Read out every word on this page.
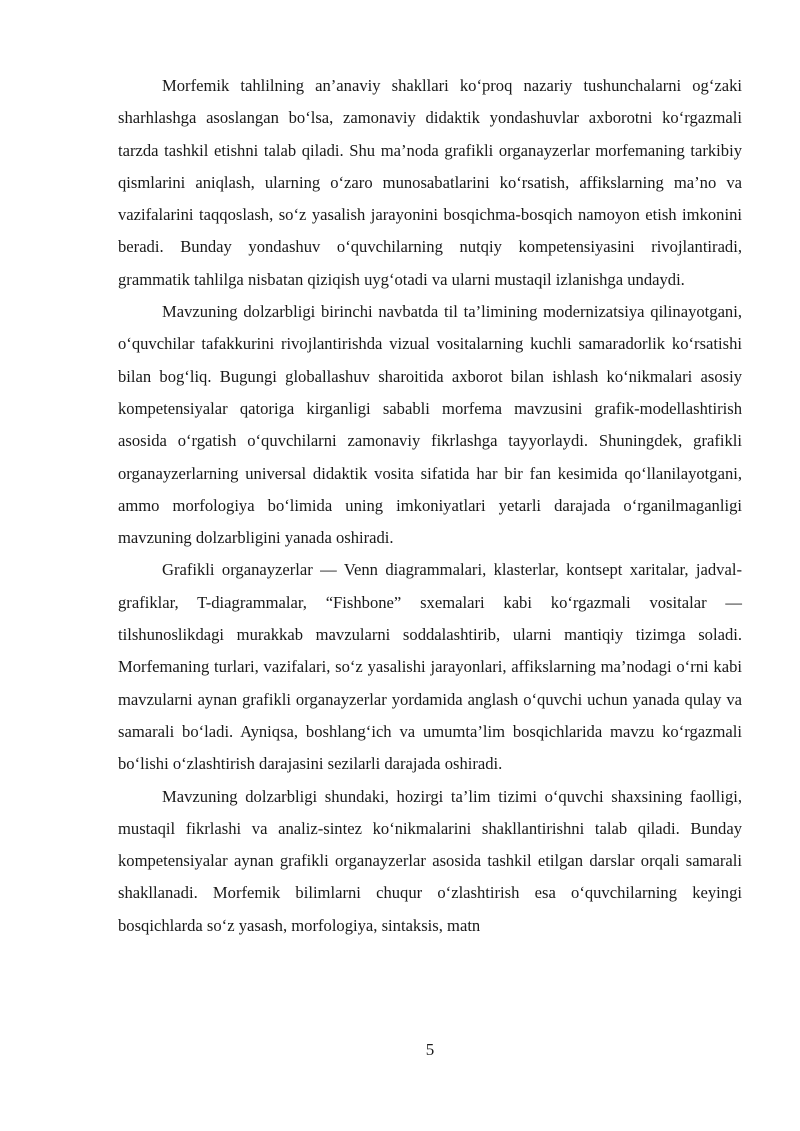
Morfemik tahlilning an’anaviy shakllari ko‘proq nazariy tushunchalarni og‘zaki sharhlashga asoslangan bo‘lsa, zamonaviy didaktik yondashuvlar axborotni ko‘rgazmali tarzda tashkil etishni talab qiladi. Shu ma’noda grafikli organayzerlar morfemaning tarkibiy qismlarini aniqlash, ularning o‘zaro munosabatlarini ko‘rsatish, affikslarning ma’no va vazifalarini taqqoslash, so‘z yasalish jarayonini bosqichma-bosqich namoyon etish imkonini beradi. Bunday yondashuv o‘quvchilarning nutqiy kompetensiyasini rivojlantiradi, grammatik tahlilga nisbatan qiziqish uyg‘otadi va ularni mustaqil izlanishga undaydi.

Mavzuning dolzarbligi birinchi navbatda til ta’limining modernizatsiya qilinayotgani, o‘quvchilar tafakkurini rivojlantirishda vizual vositalarning kuchli samaradorlik ko‘rsatishi bilan bog‘liq. Bugungi globallashuv sharoitida axborot bilan ishlash ko‘nikmalari asosiy kompetensiyalar qatoriga kirganligi sababli morfema mavzusini grafik-modellashtirish asosida o‘rgatish o‘quvchilarni zamonaviy fikrlashga tayyorlaydi. Shuningdek, grafikli organayzerlarning universal didaktik vosita sifatida har bir fan kesimida qo‘llanilayotgani, ammo morfologiya bo‘limida uning imkoniyatlari yetarli darajada o‘rganilmaganligi mavzuning dolzarbligini yanada oshiradi.

Grafikli organayzerlar — Venn diagrammalari, klasterlar, kontsept xaritalar, jadval-grafiklar, T-diagrammalar, “Fishbone” sxemalari kabi ko‘rgazmali vositalar — tilshunoslikdagi murakkab mavzularni soddalashtirib, ularni mantiqiy tizimga soladi. Morfemaning turlari, vazifalari, so‘z yasalishi jarayonlari, affikslarning ma’nodagi o‘rni kabi mavzularni aynan grafikli organayzerlar yordamida anglash o‘quvchi uchun yanada qulay va samarali bo‘ladi. Ayniqsa, boshlang‘ich va umumta’lim bosqichlarida mavzu ko‘rgazmali bo‘lishi o‘zlashtirish darajasini sezilarli darajada oshiradi.

Mavzuning dolzarbligi shundaki, hozirgi ta’lim tizimi o‘quvchi shaxsining faolligi, mustaqil fikrlashi va analiz-sintez ko‘nikmalarini shakllantirishni talab qiladi. Bunday kompetensiyalar aynan grafikli organayzerlar asosida tashkil etilgan darslar orqali samarali shakllanadi. Morfemik bilimlarni chuqur o‘zlashtirish esa o‘quvchilarning keyingi bosqichlarda so‘z yasash, morfologiya, sintaksis, matn

5
